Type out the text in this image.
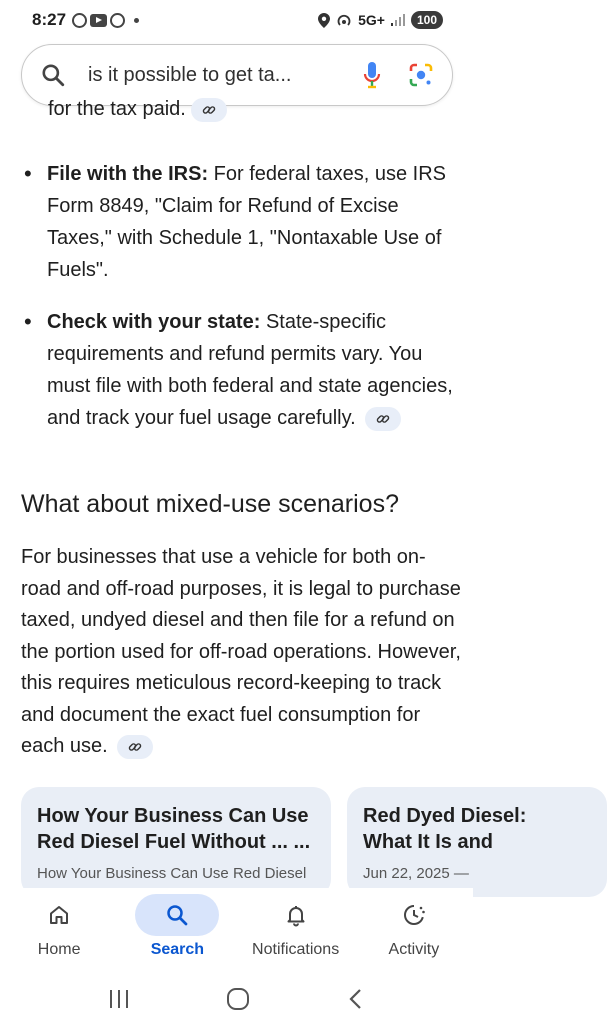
8:27	5G+	100
is it possible to get ta...
for the tax paid.
• File with the IRS: For federal taxes, use IRS Form 8849, "Claim for Refund of Excise Taxes," with Schedule 1, "Nontaxable Use of Fuels".
• Check with your state: State-specific requirements and refund permits vary. You must file with both federal and state agencies, and track your fuel usage carefully.
What about mixed-use scenarios?
For businesses that use a vehicle for both on-road and off-road purposes, it is legal to purchase taxed, undyed diesel and then file for a refund on the portion used for off-road operations. However, this requires meticulous record-keeping to track and document the exact fuel consumption for each use.
How Your Business Can Use
Red Diesel Fuel Without ... ...
How Your Business Can Use Red Diesel
Red Dyed Diesel:
What It Is and
Jun 22, 2025 —
Home	Search	Notifications	Activity
